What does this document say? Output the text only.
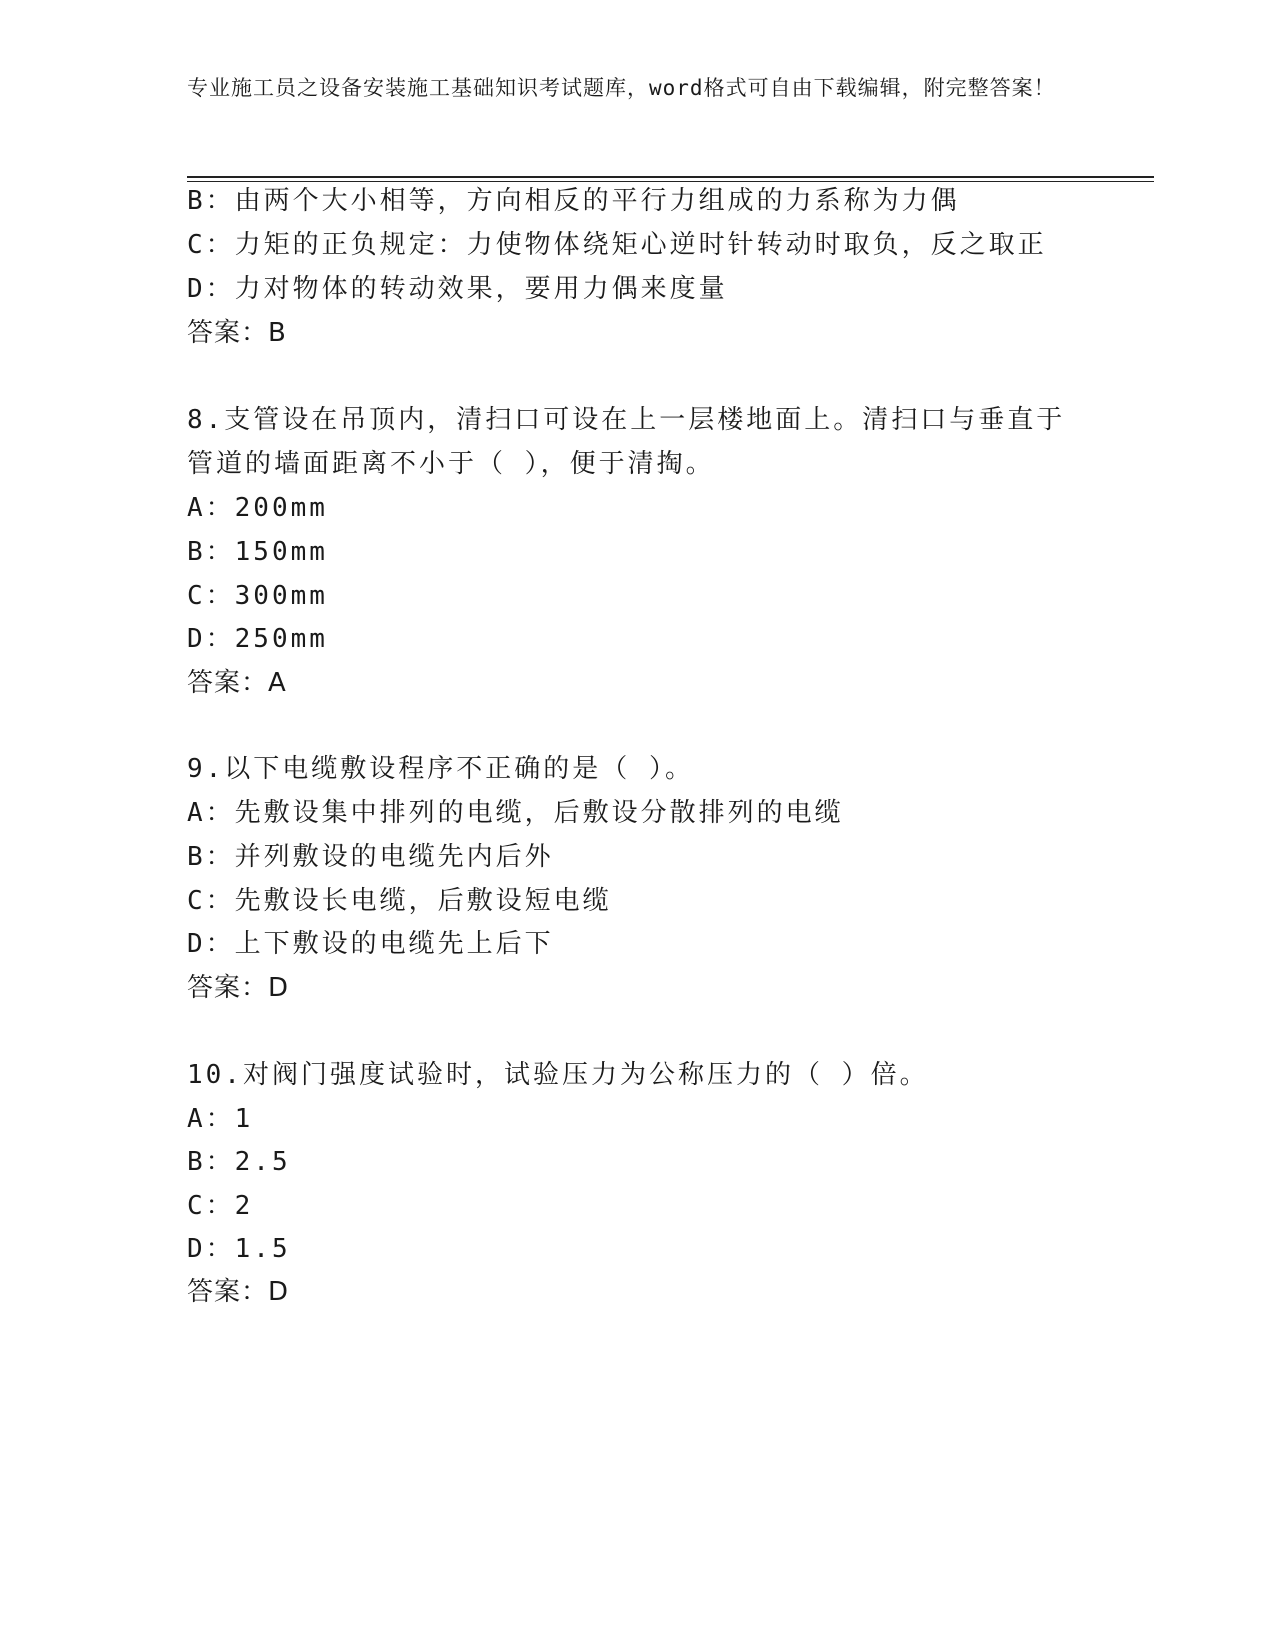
专业施工员之设备安装施工基础知识考试题库，word格式可自由下载编辑，附完整答案！
B：由两个大小相等，方向相反的平行力组成的力系称为力偶
C：力矩的正负规定：力使物体绕矩心逆时针转动时取负，反之取正
D：力对物体的转动效果，要用力偶来度量
答案：B
8.支管设在吊顶内，清扫口可设在上一层楼地面上。清扫口与垂直于
管道的墙面距离不小于（ ），便于清掏。
A：200mm
B：150mm
C：300mm
D：250mm
答案：A
9.以下电缆敷设程序不正确的是（ ）。
A：先敷设集中排列的电缆，后敷设分散排列的电缆
B：并列敷设的电缆先内后外
C：先敷设长电缆，后敷设短电缆
D：上下敷设的电缆先上后下
答案：D
10.对阀门强度试验时，试验压力为公称压力的（ ）倍。
A：1
B：2.5
C：2
D：1.5
答案：D
